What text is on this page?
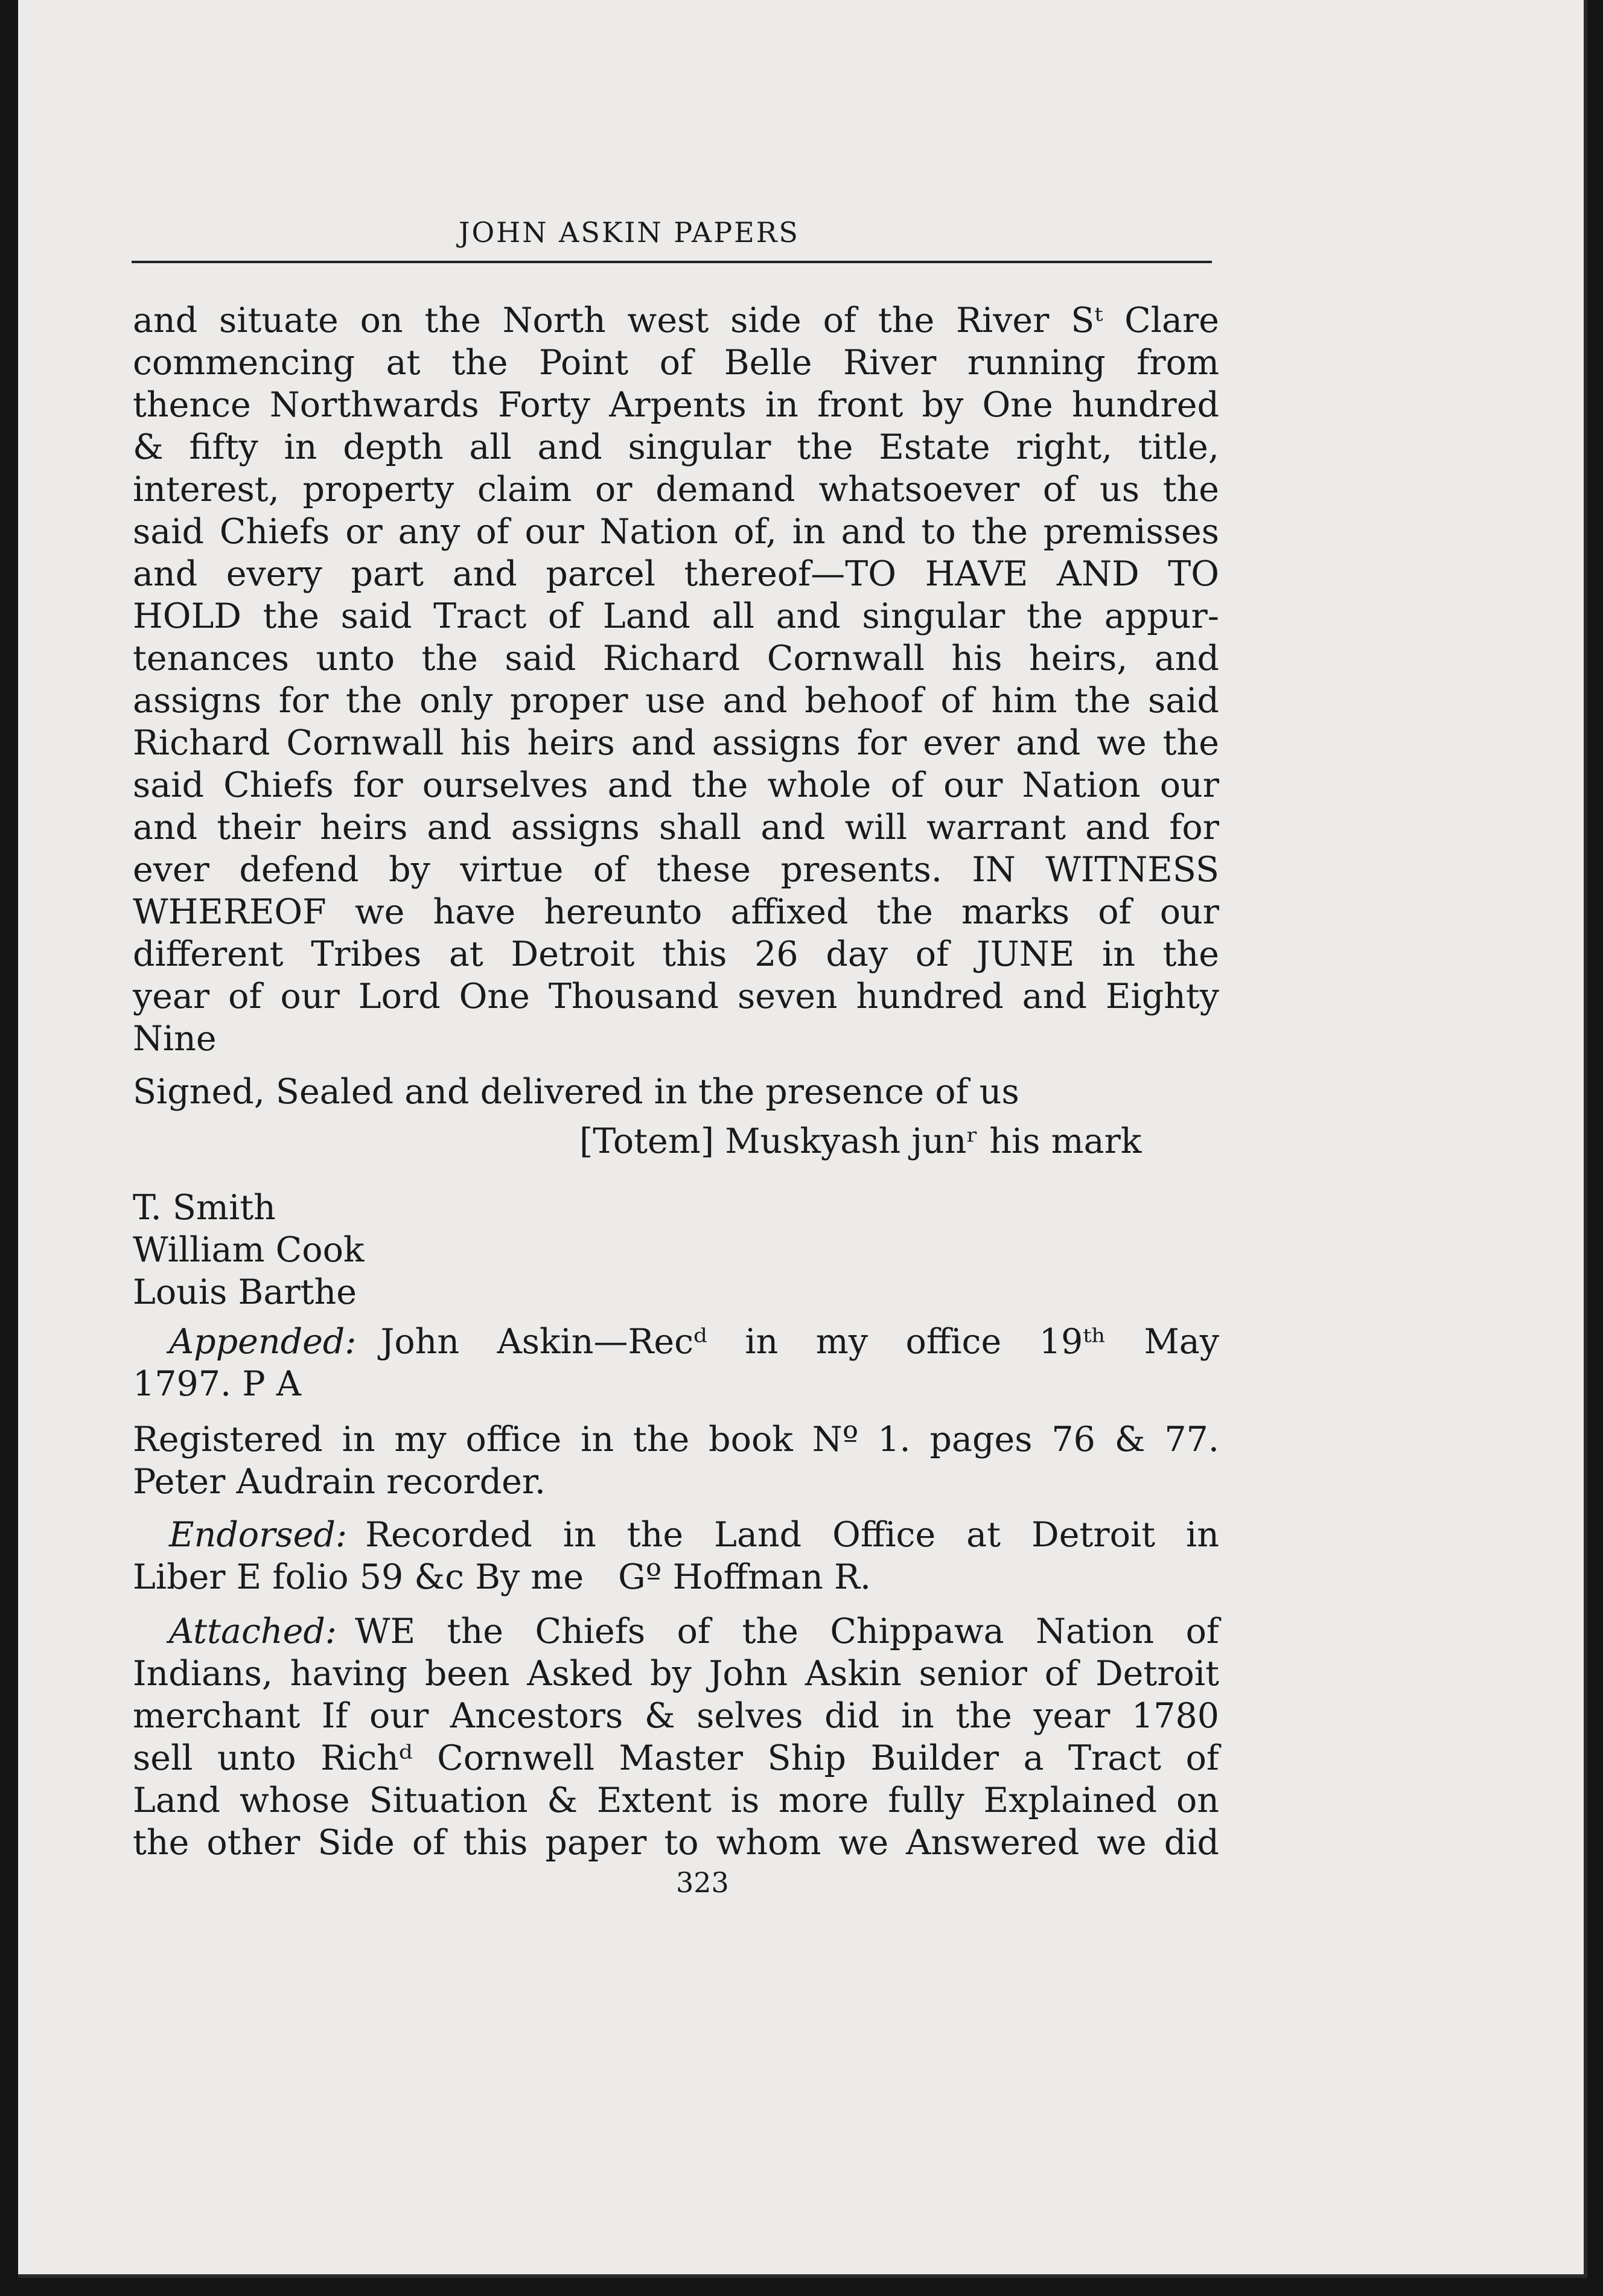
JOHN ASKIN PAPERS
and situate on the North west side of the River Sᵗ Clare
commencing at the Point of Belle River running from
thence Northwards Forty Arpents in front by One hundred
& fifty in depth all and singular the Estate right, title,
interest, property claim or demand whatsoever of us the
said Chiefs or any of our Nation of, in and to the premisses
and every part and parcel thereof—TO HAVE AND TO
HOLD the said Tract of Land all and singular the appur-
tenances unto the said Richard Cornwall his heirs, and
assigns for the only proper use and behoof of him the said
Richard Cornwall his heirs and assigns for ever and we the
said Chiefs for ourselves and the whole of our Nation our
and their heirs and assigns shall and will warrant and for
ever defend by virtue of these presents. IN WITNESS
WHEREOF we have hereunto affixed the marks of our
different Tribes at Detroit this 26 day of JUNE in the
year of our Lord One Thousand seven hundred and Eighty
Nine
Signed, Sealed and delivered in the presence of us
[Totem] Muskyash junʳ his mark
T. Smith
William Cook
Louis Barthe
Appended: John Askin—Recᵈ in my office 19ᵗʰ May
1797. P A
Registered in my office in the book Nº 1. pages 76 & 77.
Peter Audrain recorder.
Endorsed: Recorded in the Land Office at Detroit in
Liber E folio 59 &c By me Gº Hoffman R.
Attached: WE the Chiefs of the Chippawa Nation of
Indians, having been Asked by John Askin senior of Detroit
merchant If our Ancestors & selves did in the year 1780
sell unto Richᵈ Cornwell Master Ship Builder a Tract of
Land whose Situation & Extent is more fully Explained on
the other Side of this paper to whom we Answered we did
323
